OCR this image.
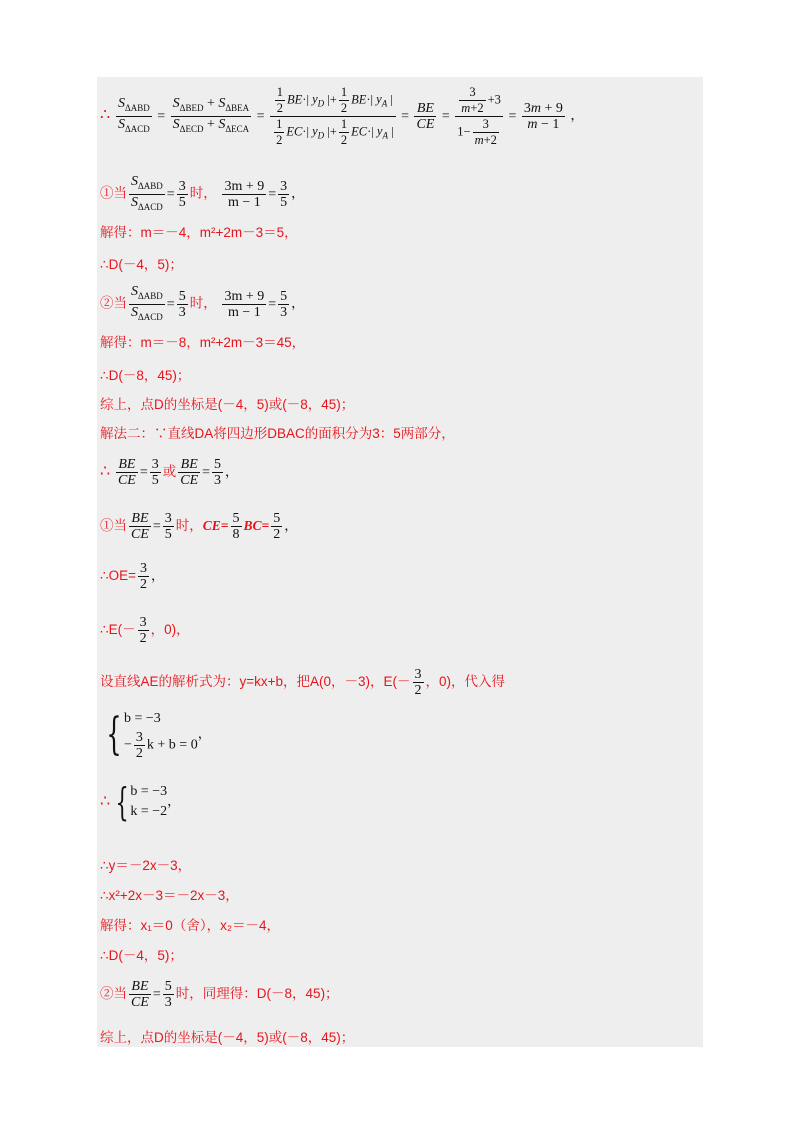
∴ $\frac{S_{\Delta ABD}}{S_{\Delta ACD}} = \frac{S_{\Delta BED} + S_{\Delta BEA}}{S_{\Delta ECD} + S_{\Delta ECA}} = \frac{\frac{1}{2} BE\cdot| y_D |+ \frac{1}{2} BE\cdot| y_A |}{\frac{1}{2} EC\cdot| y_D |+ \frac{1}{2} EC\cdot| y_A |} = \frac{BE}{CE} = \frac{\frac{3}{m+2} +3}{1- \frac{3}{m+2}} = \frac{3m + 9}{m - 1}$ ，
①当 $\frac{S_{\Delta ABD}}{S_{\Delta ACD}} = \frac{3}{5}$ 时， $\frac{3m + 9}{m - 1} = \frac{3}{5}$ ，
解得：m＝－4，m²+2m－3＝5，
∴D(－4，5)；
②当 $\frac{S_{\Delta ABD}}{S_{\Delta ACD}} = \frac{5}{3}$ 时， $\frac{3m + 9}{m - 1} = \frac{5}{3}$ ，
解得：m＝－8，m²+2m－3＝45，
∴D(－8，45)；
综上，点D的坐标是(－4，5)或(－8，45)；
解法二：∵直线DA将四边形DBAC的面积分为3：5两部分，
∴ $\frac{BE}{CE} = \frac{3}{5}$ 或 $\frac{BE}{CE} = \frac{5}{3}$ ，
①当 $\frac{BE}{CE} = \frac{3}{5}$ 时，$CE= \frac{5}{8} BC= \frac{5}{2}$ ，
∴OE= $\frac{3}{2}$ ，
∴E(－ $\frac{3}{2}$ ，0)，
设直线AE的解析式为：y=kx+b，把A(0，－3)，$E(- \frac{3}{2}$ ，0)，代入得
{ b = −3
− $\frac{3}{2}$ k + b = 0
，
∴ { b = −3
k = −2
，
∴y＝－2x－3，
∴x²+2x－3＝－2x－3，
解得：x₁＝0（舍），x₂＝－4，
∴D(－4，5)；
②当 $\frac{BE}{CE} = \frac{5}{3}$ 时，同理得：D(－8，45)；
综上，点D的坐标是(－4，5)或(－8，45)；
